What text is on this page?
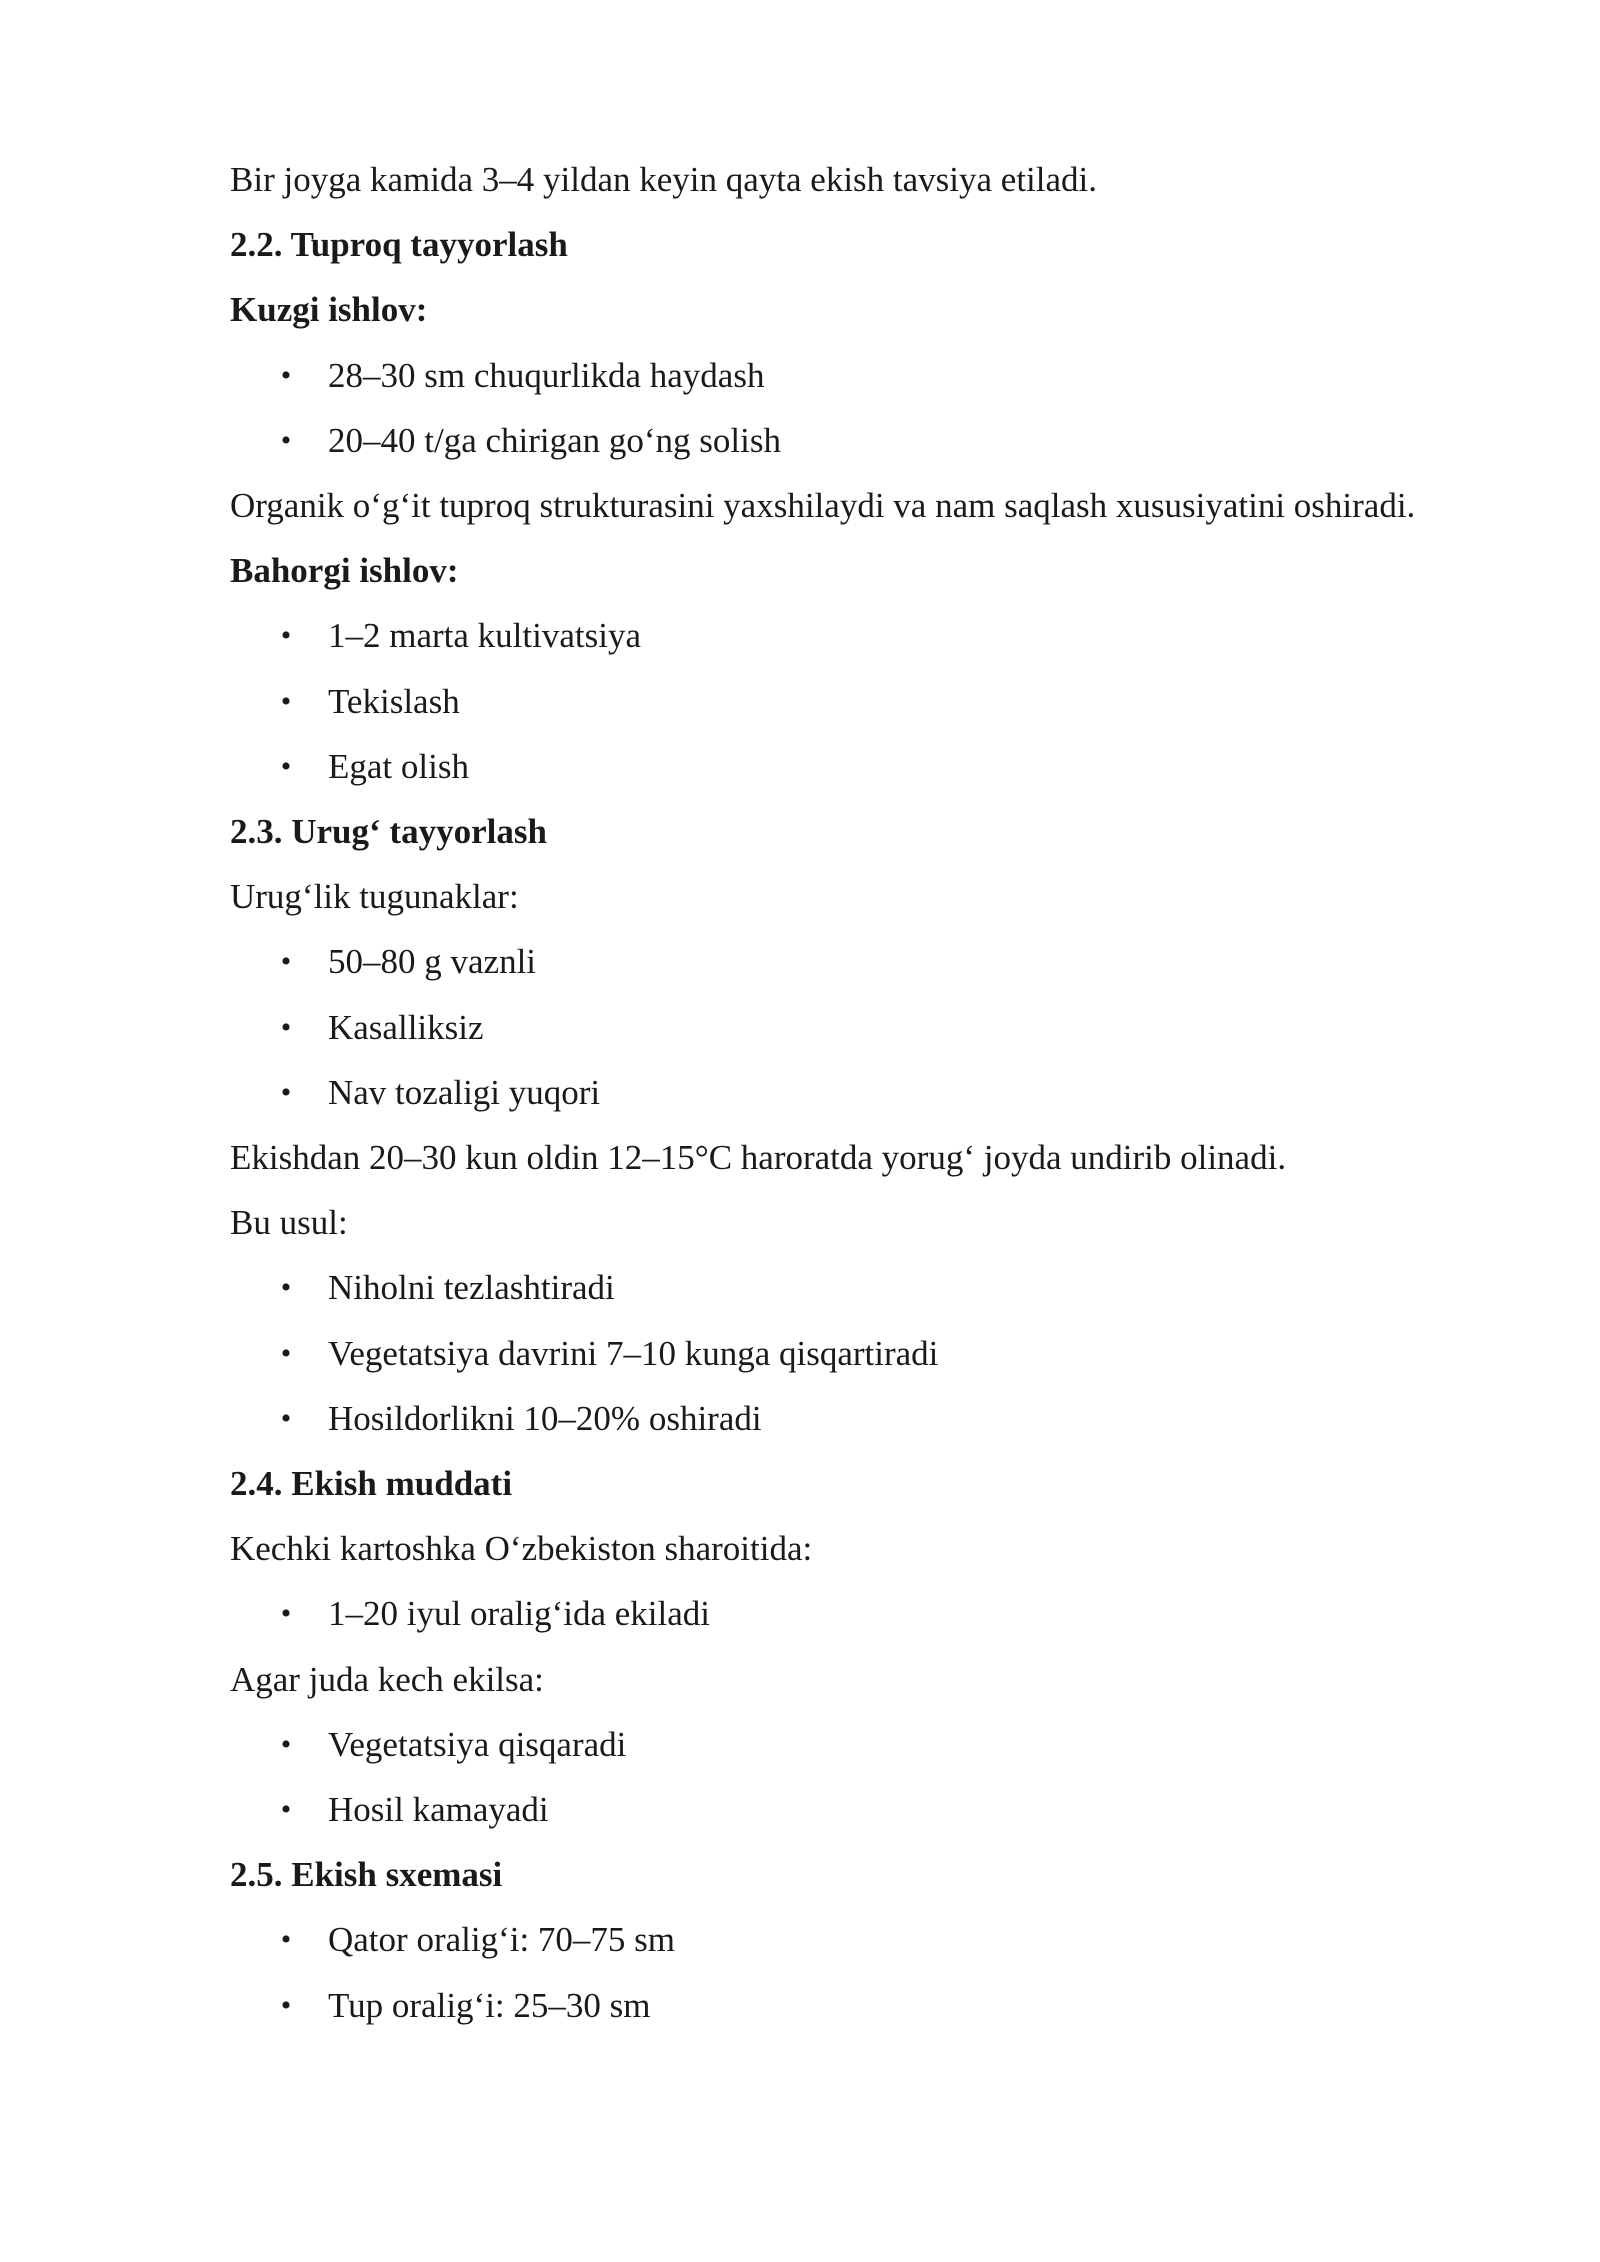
Bir joyga kamida 3–4 yildan keyin qayta ekish tavsiya etiladi.

2.2. Tuproq tayyorlash

Kuzgi ishlov:

• 28–30 sm chuqurlikda haydash
• 20–40 t/ga chirigan go‘ng solish

Organik o‘g‘it tuproq strukturasini yaxshilaydi va nam saqlash xususiyatini oshiradi.

Bahorgi ishlov:

• 1–2 marta kultivatsiya
• Tekislash
• Egat olish

2.3. Urug‘ tayyorlash

Urug‘lik tugunaklar:

• 50–80 g vaznli
• Kasalliksiz
• Nav tozaligi yuqori

Ekishdan 20–30 kun oldin 12–15°C haroratda yorug‘ joyda undirib olinadi.

Bu usul:

• Niholni tezlashtiradi
• Vegetatsiya davrini 7–10 kunga qisqartiradi
• Hosildorlikni 10–20% oshiradi

2.4. Ekish muddati

Kechki kartoshka O‘zbekiston sharoitida:

• 1–20 iyul oralig‘ida ekiladi

Agar juda kech ekilsa:

• Vegetatsiya qisqaradi
• Hosil kamayadi

2.5. Ekish sxemasi

• Qator oralig‘i: 70–75 sm
• Tup oralig‘i: 25–30 sm
